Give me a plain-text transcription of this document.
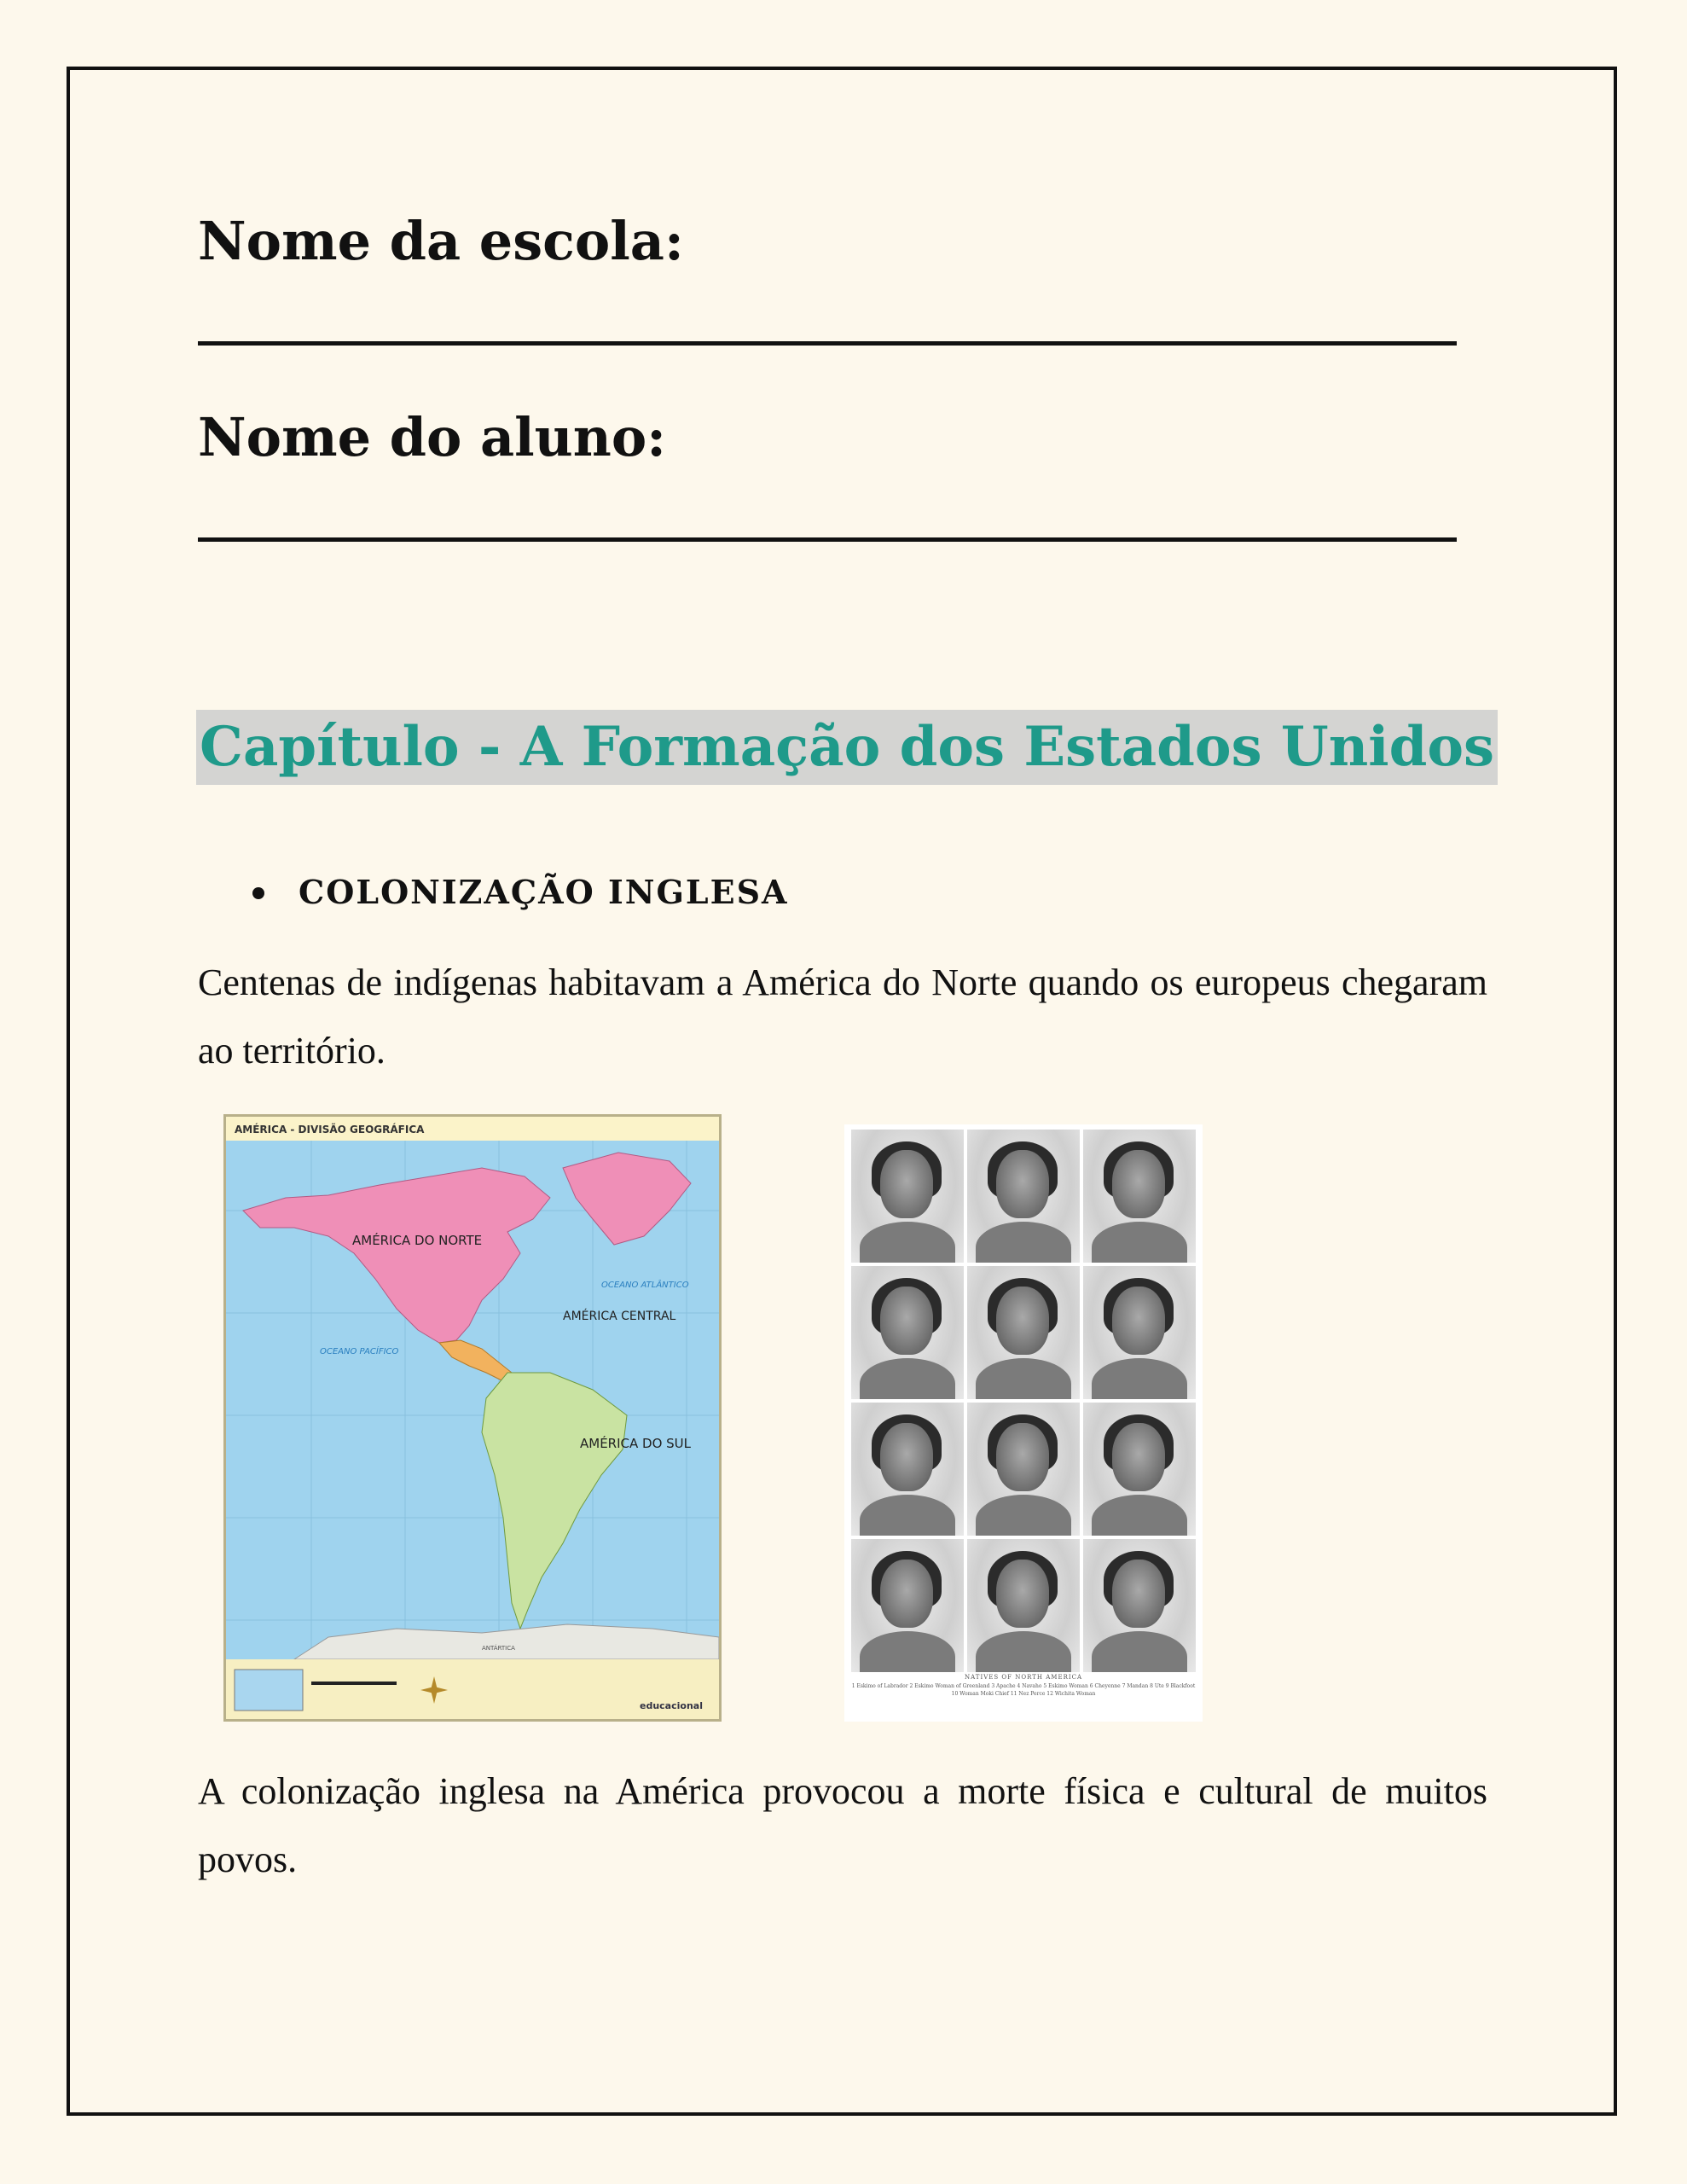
Nome da escola:
Nome do aluno:
Capítulo - A Formação dos Estados Unidos
COLONIZAÇÃO INGLESA
Centenas de indígenas habitavam a América do Norte quando os europeus chegaram ao território.
AMÉRICA - DIVISÃO GEOGRÁFICA
AMÉRICA DO NORTE
AMÉRICA CENTRAL
AMÉRICA DO SUL
OCEANO ATLÂNTICO
OCEANO PACÍFICO
ANTÁRTICA
educacional
NATIVES OF NORTH AMERICA
1 Eskimo of Labrador 2 Eskimo Woman of Greenland 3 Apache 4 Navaho 5 Eskimo Woman 6 Cheyenne 7 Mandan 8 Ute 9 Blackfoot 10 Woman Moki Chief 11 Nez Perce 12 Wichita Woman
A colonização inglesa na América provocou a morte física e cultural de muitos povos.
